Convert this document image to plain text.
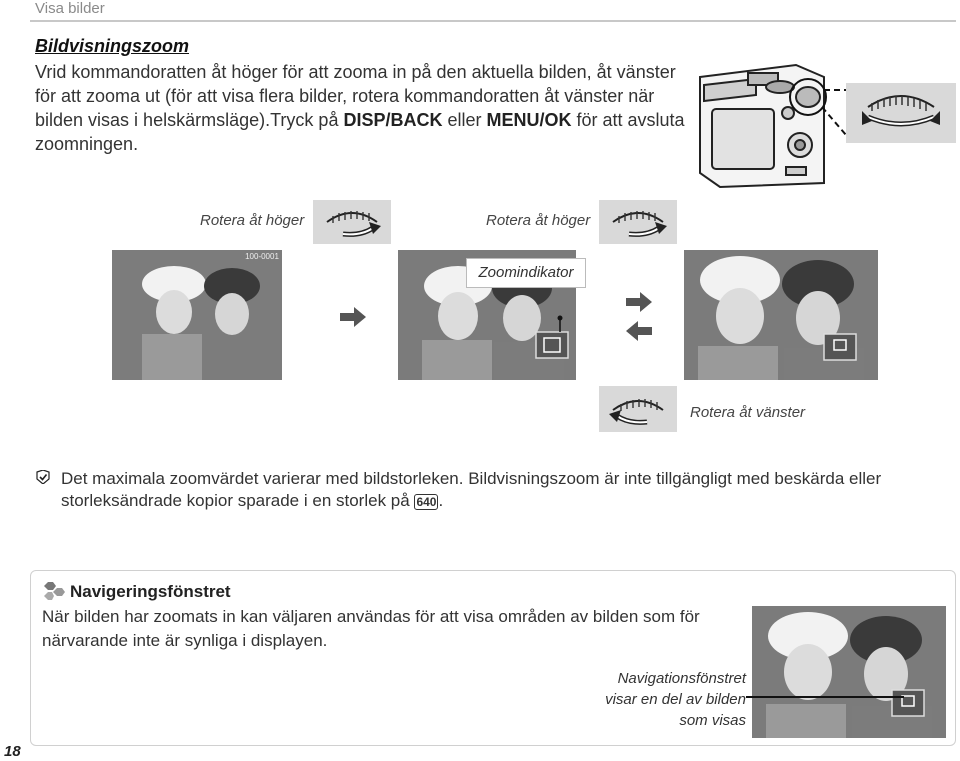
Visa bilder
Bildvisningszoom
Vrid kommandoratten åt höger för att zooma in på den aktuella bilden, åt vänster för att zooma ut (för att visa flera bilder, rotera kommandoratten åt vänster när bilden visas i helskärmsläge).Tryck på DISP/BACK eller MENU/OK för att avsluta zoomningen.
Rotera åt höger	Rotera åt höger
100-0001
Zoomindikator
Rotera åt vänster
Det maximala zoomvärdet varierar med bildstorleken. Bildvisningszoom är inte tillgängligt med beskärda eller storleksändrade kopior sparade i en storlek på 640 .
Navigeringsfönstret
När bilden har zoomats in kan väljaren användas för att visa områden av bilden som för närvarande inte är synliga i displayen.
Navigationsfönstret visar en del av bilden som visas
18
